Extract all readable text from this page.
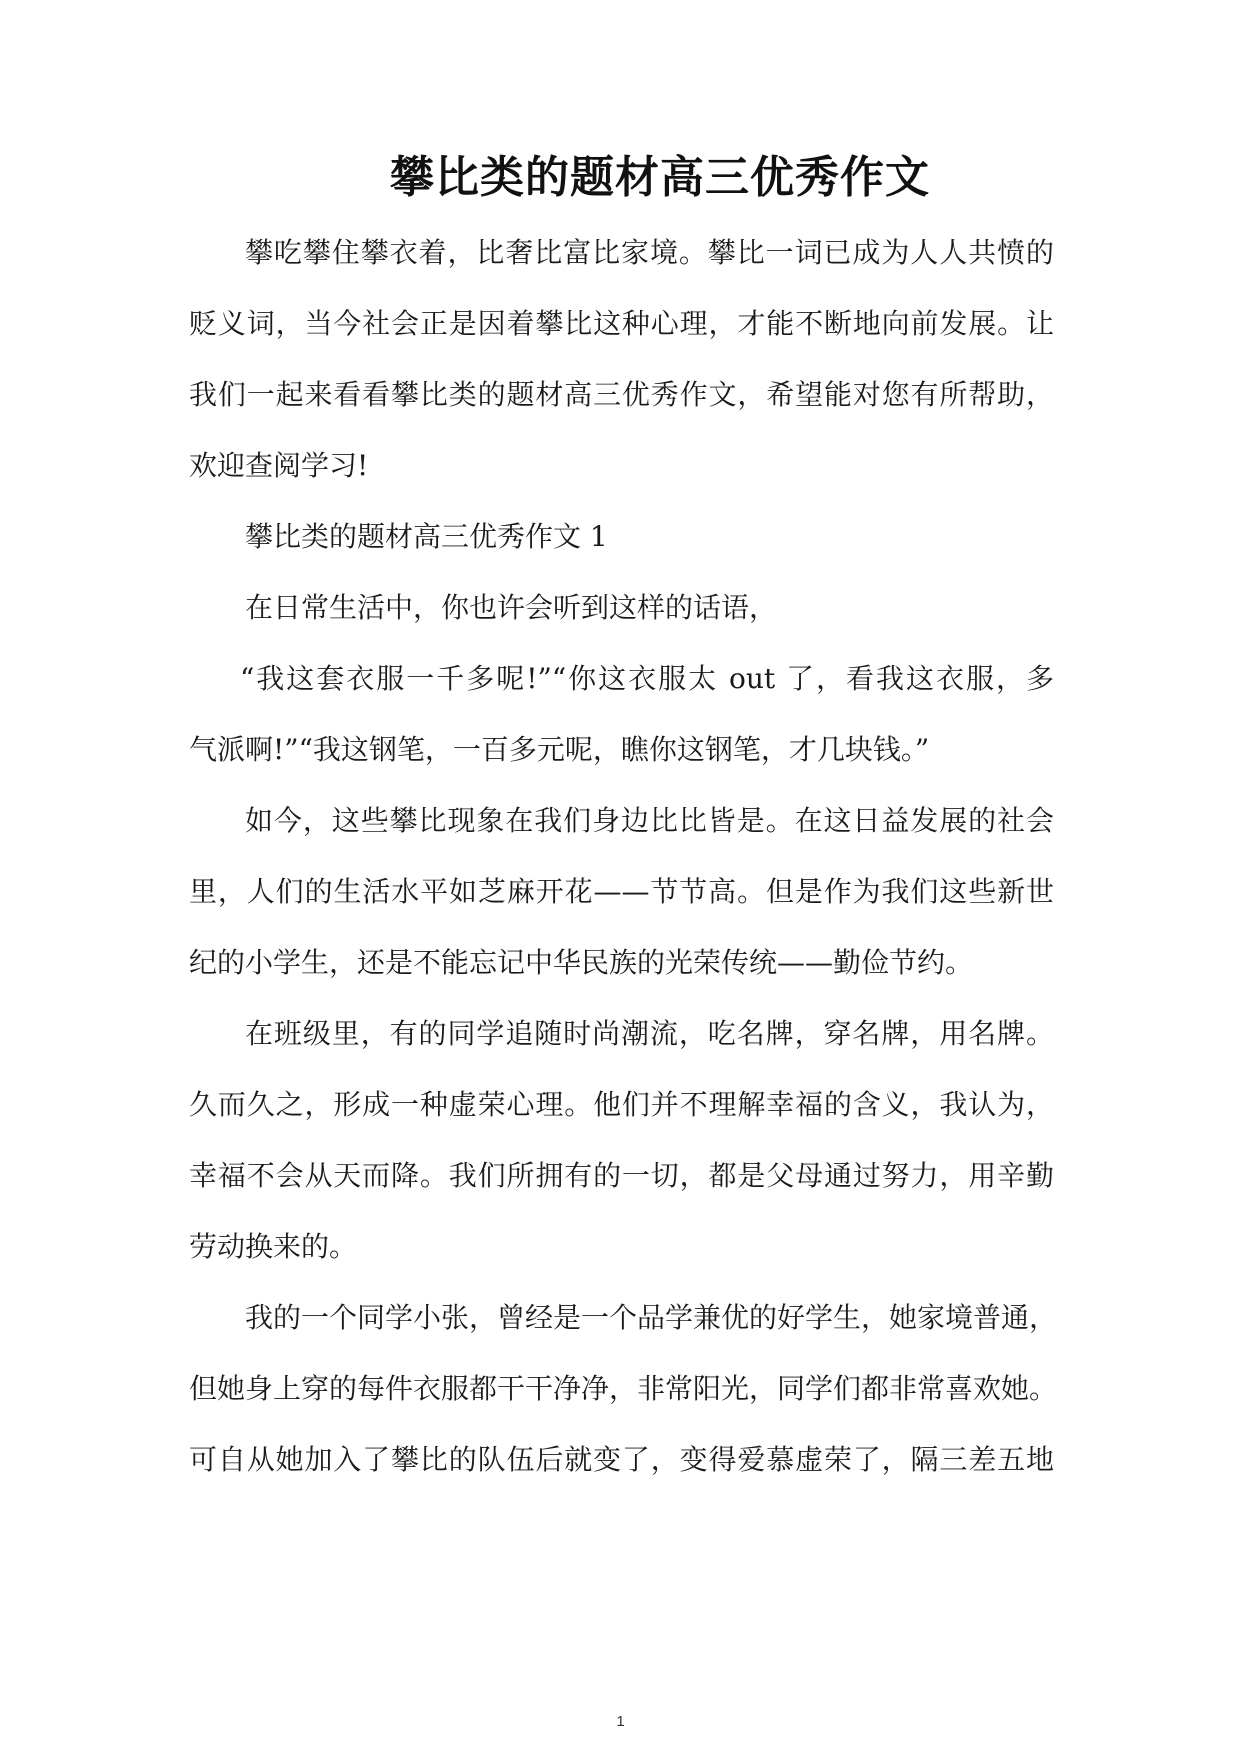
攀比类的题材高三优秀作文
攀吃攀住攀衣着，比奢比富比家境。攀比一词已成为人人共愤的
贬义词，当今社会正是因着攀比这种心理，才能不断地向前发展。让
我们一起来看看攀比类的题材高三优秀作文，希望能对您有所帮助，
欢迎查阅学习!
攀比类的题材高三优秀作文 1
在日常生活中，你也许会听到这样的话语，
“我这套衣服一千多呢!”“你这衣服太 out 了，看我这衣服，多
气派啊!”“我这钢笔，一百多元呢，瞧你这钢笔，才几块钱。”
如今，这些攀比现象在我们身边比比皆是。在这日益发展的社会
里，人们的生活水平如芝麻开花——节节高。但是作为我们这些新世
纪的小学生，还是不能忘记中华民族的光荣传统——勤俭节约。
在班级里，有的同学追随时尚潮流，吃名牌，穿名牌，用名牌。
久而久之，形成一种虚荣心理。他们并不理解幸福的含义，我认为，
幸福不会从天而降。我们所拥有的一切，都是父母通过努力，用辛勤
劳动换来的。
我的一个同学小张，曾经是一个品学兼优的好学生，她家境普通，
但她身上穿的每件衣服都干干净净，非常阳光，同学们都非常喜欢她。
可自从她加入了攀比的队伍后就变了，变得爱慕虚荣了，隔三差五地
1
